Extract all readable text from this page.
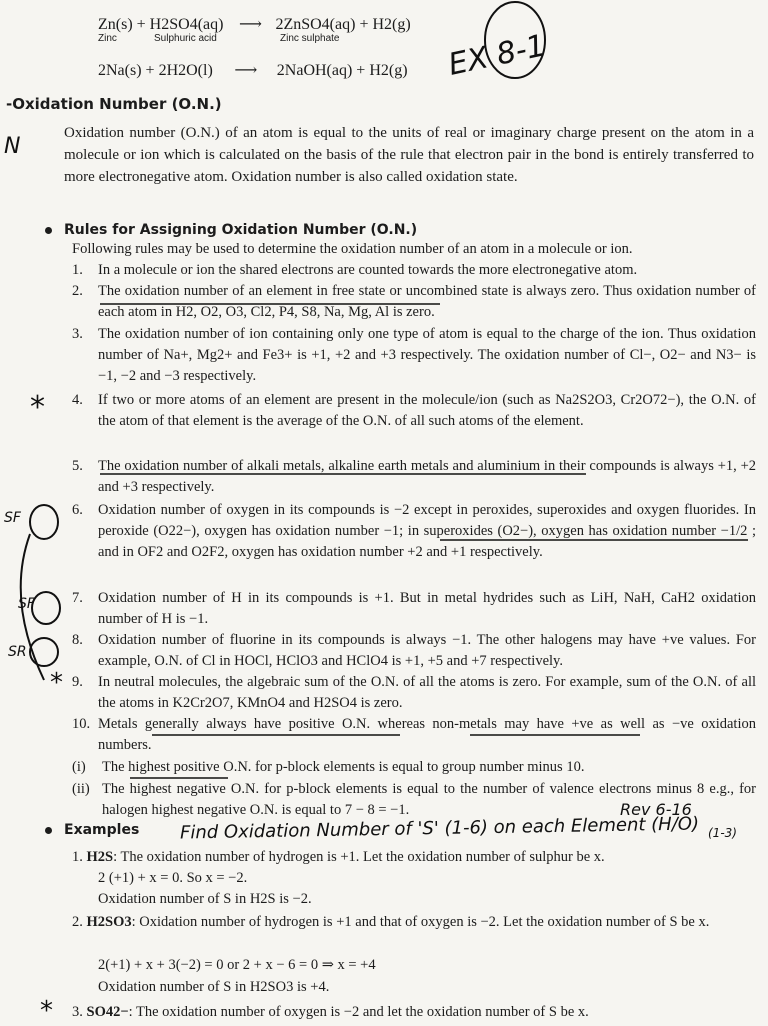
Zn(s) + H2SO4(aq) ⟶ 2ZnSO4(aq) + H2(g)
Zinc	Sulphuric acid	Zinc sulphate
2Na(s) + 2H2O(l) ⟶ 2NaOH(aq) + H2(g)
‐Oxidation Number (O.N.)
Oxidation number (O.N.) of an atom is equal to the units of real or imaginary charge present on the atom in a molecule or ion which is calculated on the basis of the rule that electron pair in the bond is entirely transferred to more electronegative atom. Oxidation number is also called oxidation state.
Rules for Assigning Oxidation Number (O.N.)
Following rules may be used to determine the oxidation number of an atom in a molecule or ion.
1. In a molecule or ion the shared electrons are counted towards the more electronegative atom.
2. The oxidation number of an element in free state or uncombined state is always zero. Thus oxidation number of each atom in H2, O2, O3, Cl2, P4, S8, Na, Mg, Al is zero.
3. The oxidation number of ion containing only one type of atom is equal to the charge of the ion. Thus oxidation number of Na+, Mg2+ and Fe3+ is +1, +2 and +3 respectively. The oxidation number of Cl−, O2− and N3− is −1, −2 and −3 respectively.
4. If two or more atoms of an element are present in the molecule/ion (such as Na2S2O3, Cr2O72−), the O.N. of the atom of that element is the average of the O.N. of all such atoms of the element.
5. The oxidation number of alkali metals, alkaline earth metals and aluminium in their compounds is always +1, +2 and +3 respectively.
6. Oxidation number of oxygen in its compounds is −2 except in peroxides, superoxides and oxygen fluorides. In peroxide (O22−), oxygen has oxidation number −1; in superoxides (O2−), oxygen has oxidation number −1/2 ; and in OF2 and O2F2, oxygen has oxidation number +2 and +1 respectively.
7. Oxidation number of H in its compounds is +1. But in metal hydrides such as LiH, NaH, CaH2 oxidation number of H is −1.
8. Oxidation number of fluorine in its compounds is always −1. The other halogens may have +ve values. For example, O.N. of Cl in HOCl, HClO3 and HClO4 is +1, +5 and +7 respectively.
9. In neutral molecules, the algebraic sum of the O.N. of all the atoms is zero. For example, sum of the O.N. of all the atoms in K2Cr2O7, KMnO4 and H2SO4 is zero.
10. Metals generally always have positive O.N. whereas non-metals may have +ve as well as −ve oxidation numbers.
(i) The highest positive O.N. for p-block elements is equal to group number minus 10.
(ii) The highest negative O.N. for p-block elements is equal to the number of valence electrons minus 8 e.g., for halogen highest negative O.N. is equal to 7 − 8 = −1.
Examples
1. H2S: The oxidation number of hydrogen is +1. Let the oxidation number of sulphur be x.
2 (+1) + x = 0. So x = −2.
Oxidation number of S in H2S is −2.
2. H2SO3: Oxidation number of hydrogen is +1 and that of oxygen is −2. Let the oxidation number of S be x.
2(+1) + x + 3(−2) = 0 or 2 + x − 6 = 0 ⇒ x = +4
Oxidation number of S in H2SO3 is +4.
3. SO42−: The oxidation number of oxygen is −2 and let the oxidation number of S be x.
EX 8-1
N
Find Oxidation Number of 'S' (1-6) on each Element (H/O)
Rev 6-16
(1-3)
SF
SF
SR
*
*
*
